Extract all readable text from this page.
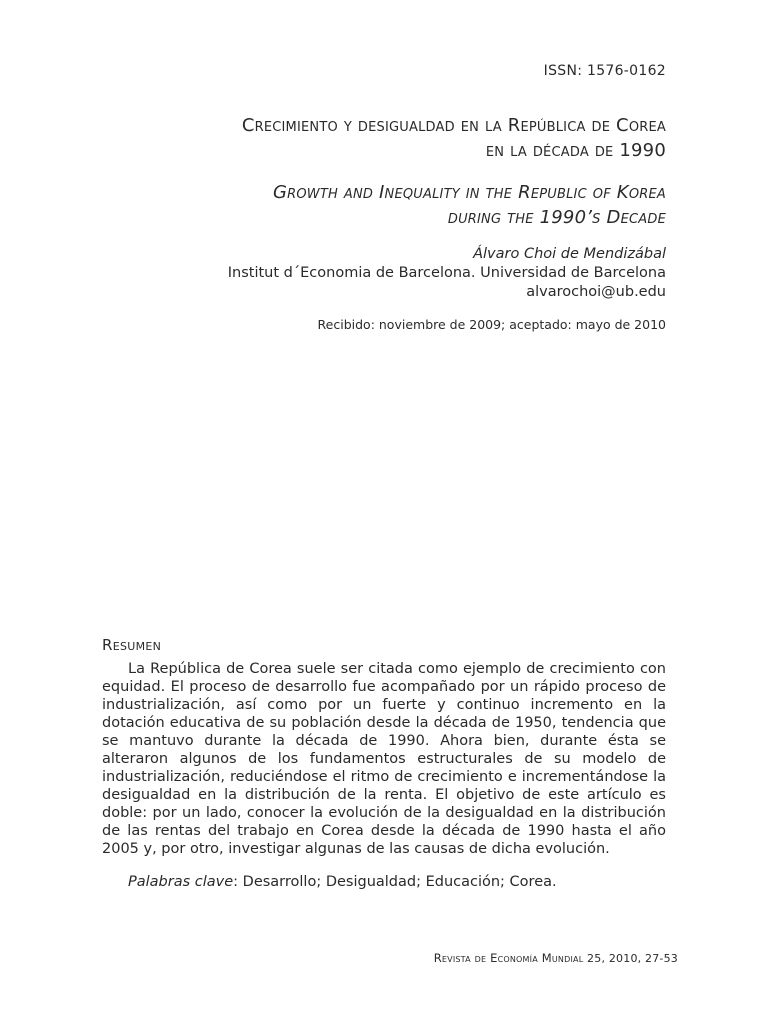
ISSN: 1576-0162
Crecimiento y desigualdad en la República de Corea
en la década de 1990
Growth and Inequality in the Republic of Korea
during the 1990’s Decade
Álvaro Choi de Mendizábal
Institut d´Economia de Barcelona. Universidad de Barcelona
alvarochoi@ub.edu
Recibido: noviembre de 2009; aceptado: mayo de 2010
Resumen

La República de Corea suele ser citada como ejemplo de crecimiento con equidad. El proceso de desarrollo fue acompañado por un rápido proceso de industrialización, así como por un fuerte y continuo incremento en la dotación educativa de su población desde la década de 1950, tendencia que se mantuvo durante la década de 1990. Ahora bien, durante ésta se alteraron algunos de los fundamentos estructurales de su modelo de industrialización, reduciéndose el ritmo de crecimiento e incrementándose la desigualdad en la distribución de la renta. El objetivo de este artículo es doble: por un lado, conocer la evolución de la desigualdad en la distribución de las rentas del trabajo en Corea desde la década de 1990 hasta el año 2005 y, por otro, investigar algunas de las causas de dicha evolución.

Palabras clave: Desarrollo; Desigualdad; Educación; Corea.
Revista de Economía Mundial 25, 2010, 27-53
